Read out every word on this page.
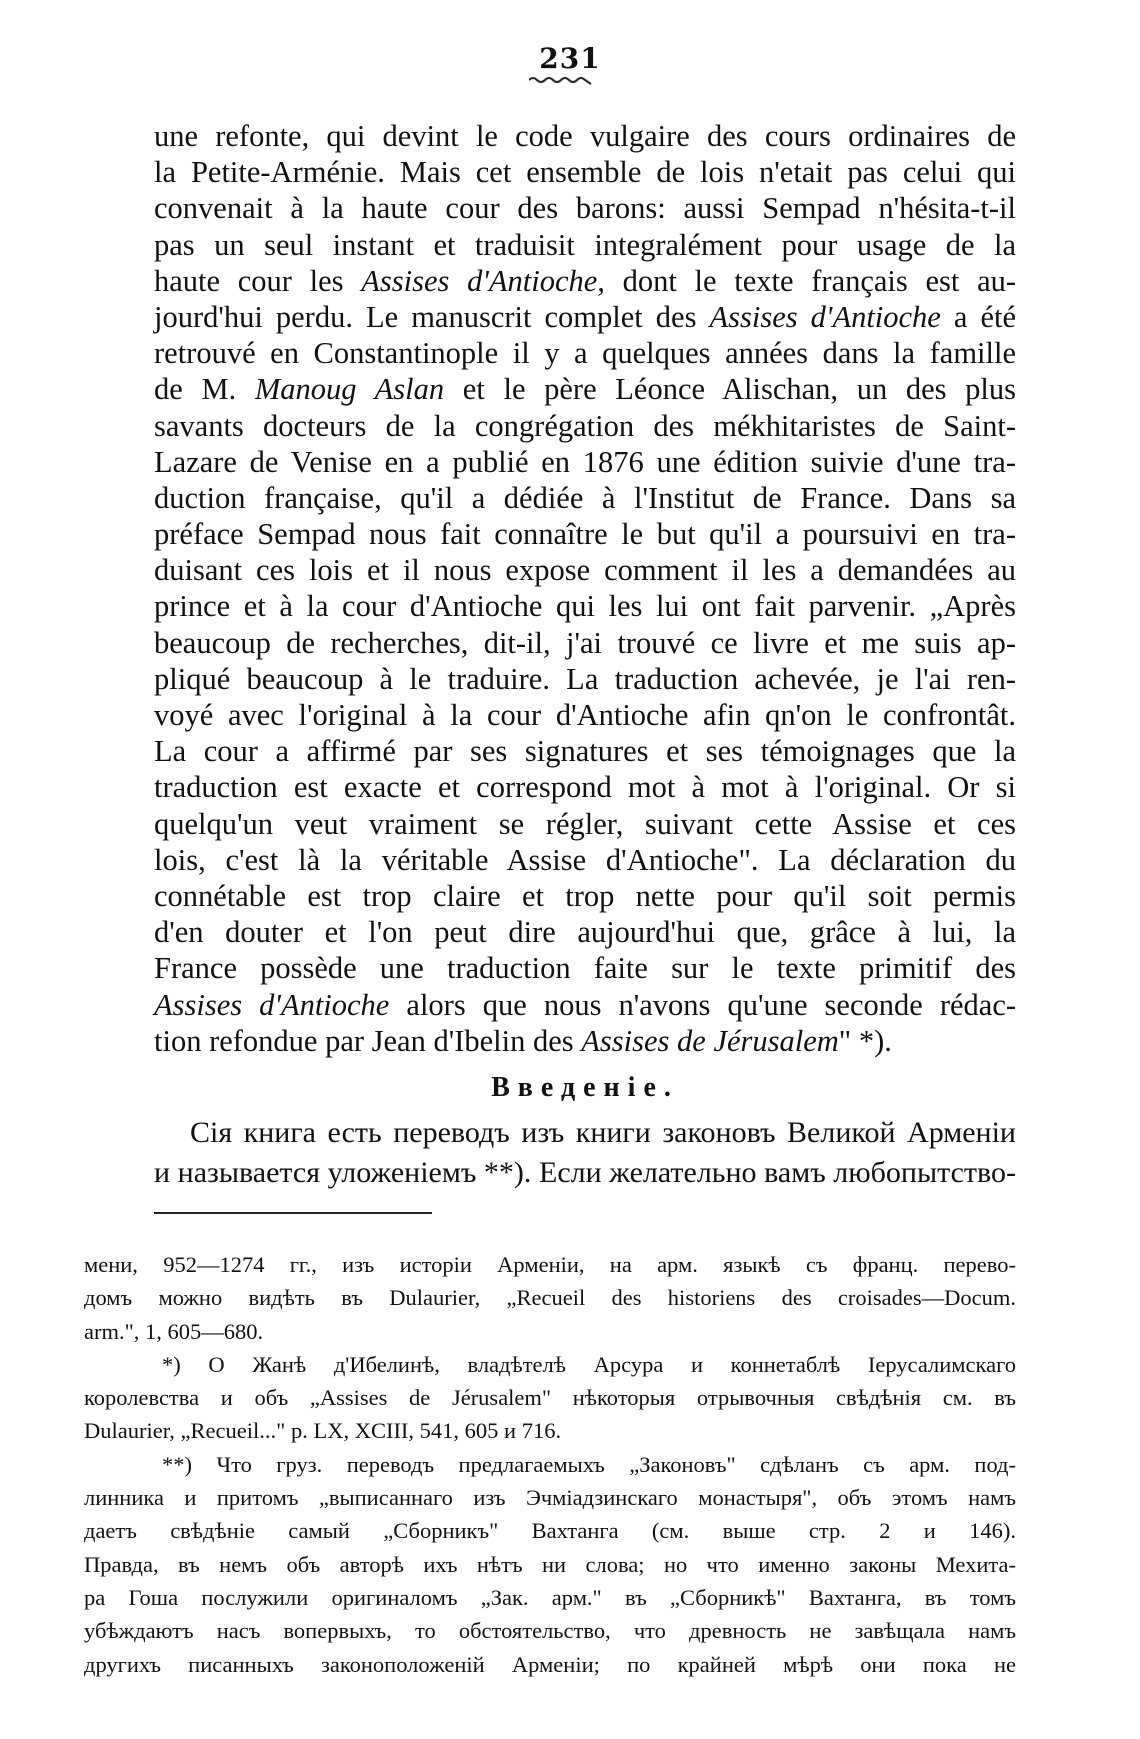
231
une refonte, qui devint le code vulgaire des cours ordinaires de
la Petite-Arménie. Mais cet ensemble de lois n'etait pas celui qui
convenait à la haute cour des barons: aussi Sempad n'hésita-t-il
pas un seul instant et traduisit integralément pour usage de la
haute cour les Assises d'Antioche, dont le texte français est au-
jourd'hui perdu. Le manuscrit complet des Assises d'Antioche a été
retrouvé en Constantinople il y a quelques années dans la famille
de M. Manoug Aslan et le père Léonce Alischan, un des plus
savants docteurs de la congrégation des mékhitaristes de Saint-
Lazare de Venise en a publié en 1876 une édition suivie d'une tra-
duction française, qu'il a dédiée à l'Institut de France. Dans sa
préface Sempad nous fait connaître le but qu'il a poursuivi en tra-
duisant ces lois et il nous expose comment il les a demandées au
prince et à la cour d'Antioche qui les lui ont fait parvenir. „Après
beaucoup de recherches, dit-il, j'ai trouvé ce livre et me suis ap-
pliqué beaucoup à le traduire. La traduction achevée, je l'ai ren-
voyé avec l'original à la cour d'Antioche afin qn'on le confrontât.
La cour a affirmé par ses signatures et ses témoignages que la
traduction est exacte et correspond mot à mot à l'original. Or si
quelqu'un veut vraiment se régler, suivant cette Assise et ces
lois, c'est là la véritable Assise d'Antioche". La déclaration du
connétable est trop claire et trop nette pour qu'il soit permis
d'en douter et l'on peut dire aujourd'hui que, grâce à lui, la
France possède une traduction faite sur le texte primitif des
Assises d'Antioche alors que nous n'avons qu'une seconde rédac-
tion refondue par Jean d'Ibelin des Assises de Jérusalem" *).
Введеніе.
Сія книга есть переводъ изъ книги законовъ Великой Арменіи
и называется уложеніемъ **). Если желательно вамъ любопытство-
мени, 952—1274 гг., изъ исторіи Арменіи, на арм. языкѣ съ франц. перево-
домъ можно видѣть въ Dulaurier, „Recueil des historiens des croisades—Docum.
arm.", 1, 605—680.
*) О Жанѣ д'Ибелинѣ, владѣтелѣ Арсура и коннетаблѣ Іерусалимскаго
королевства и объ „Assises de Jérusalem" нѣкоторыя отрывочныя свѣдѣнія см. въ
Dulaurier, „Recueil..." p. LX, XCIII, 541, 605 и 716.
**) Что груз. переводъ предлагаемыхъ „Законовъ" сдѣланъ съ арм. под-
линника и притомъ „выписаннаго изъ Эчміадзинскаго монастыря", объ этомъ намъ
даетъ свѣдѣніе самый „Сборникъ" Вахтанга (см. выше стр. 2 и 146).
Правда, въ немъ объ авторѣ ихъ нѣтъ ни слова; но что именно законы Мехита-
ра Гоша послужили оригиналомъ „Зак. арм." въ „Сборникѣ" Вахтанга, въ томъ
убѣждаютъ насъ вопервыхъ, то обстоятельство, что древность не завѣщала намъ
другихъ писанныхъ законоположеній Арменіи; по крайней мѣрѣ они пока не
